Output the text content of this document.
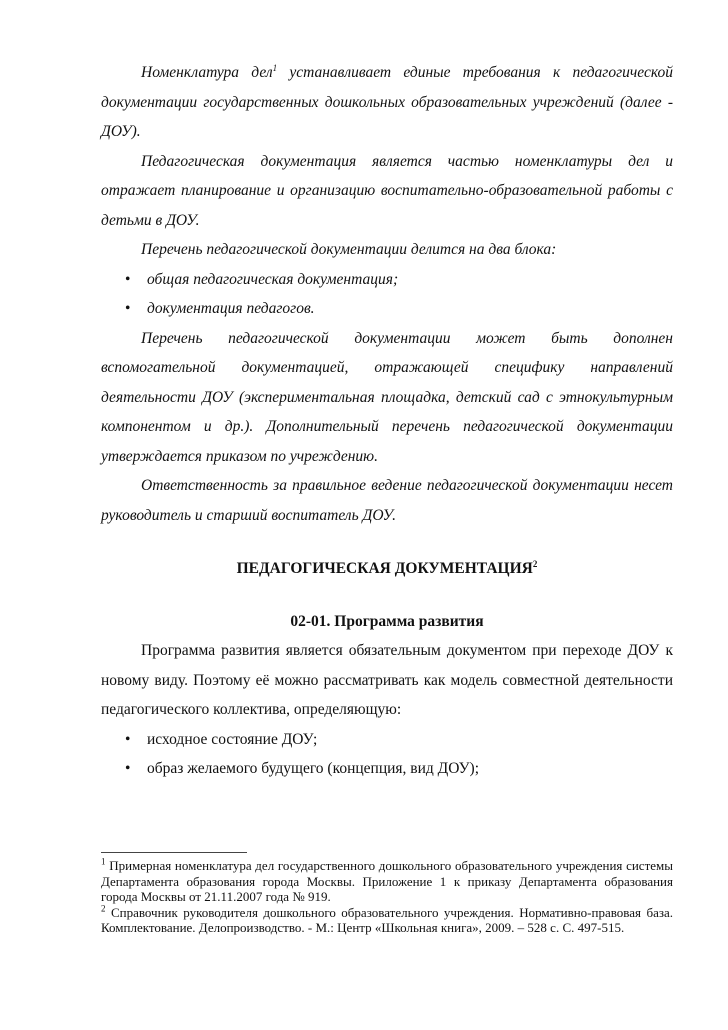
Номенклатура дел$^1$ устанавливает единые требования к педагогической документации государственных дошкольных образовательных учреждений (далее - ДОУ).

Педагогическая документация является частью номенклатуры дел и отражает планирование и организацию воспитательно-образовательной работы с детьми в ДОУ.

Перечень педагогической документации делится на два блока:

• общая педагогическая документация;
• документация педагогов.

Перечень педагогической документации может быть дополнен вспомогательной документацией, отражающей специфику направлений деятельности ДОУ (экспериментальная площадка, детский сад с этнокультурным компонентом и др.). Дополнительный перечень педагогической документации утверждается приказом по учреждению.

Ответственность за правильное ведение педагогической документации несет руководитель и старший воспитатель ДОУ.

ПЕДАГОГИЧЕСКАЯ ДОКУМЕНТАЦИЯ$^2$
02-01. Программа развития

Программа развития является обязательным документом при переходе ДОУ к новому виду. Поэтому её можно рассматривать как модель совместной деятельности педагогического коллектива, определяющую:

• исходное состояние ДОУ;
• образ желаемого будущего (концепция, вид ДОУ);

$^1$ Примерная номенклатура дел государственного дошкольного образовательного учреждения системы Департамента образования города Москвы. Приложение 1 к приказу Департамента образования города Москвы от 21.11.2007 года № 919.

$^2$ Справочник руководителя дошкольного образовательного учреждения. Нормативно-правовая база. Комплектование. Делопроизводство. - М.: Центр «Школьная книга», 2009. – 528 с. С. 497-515.
